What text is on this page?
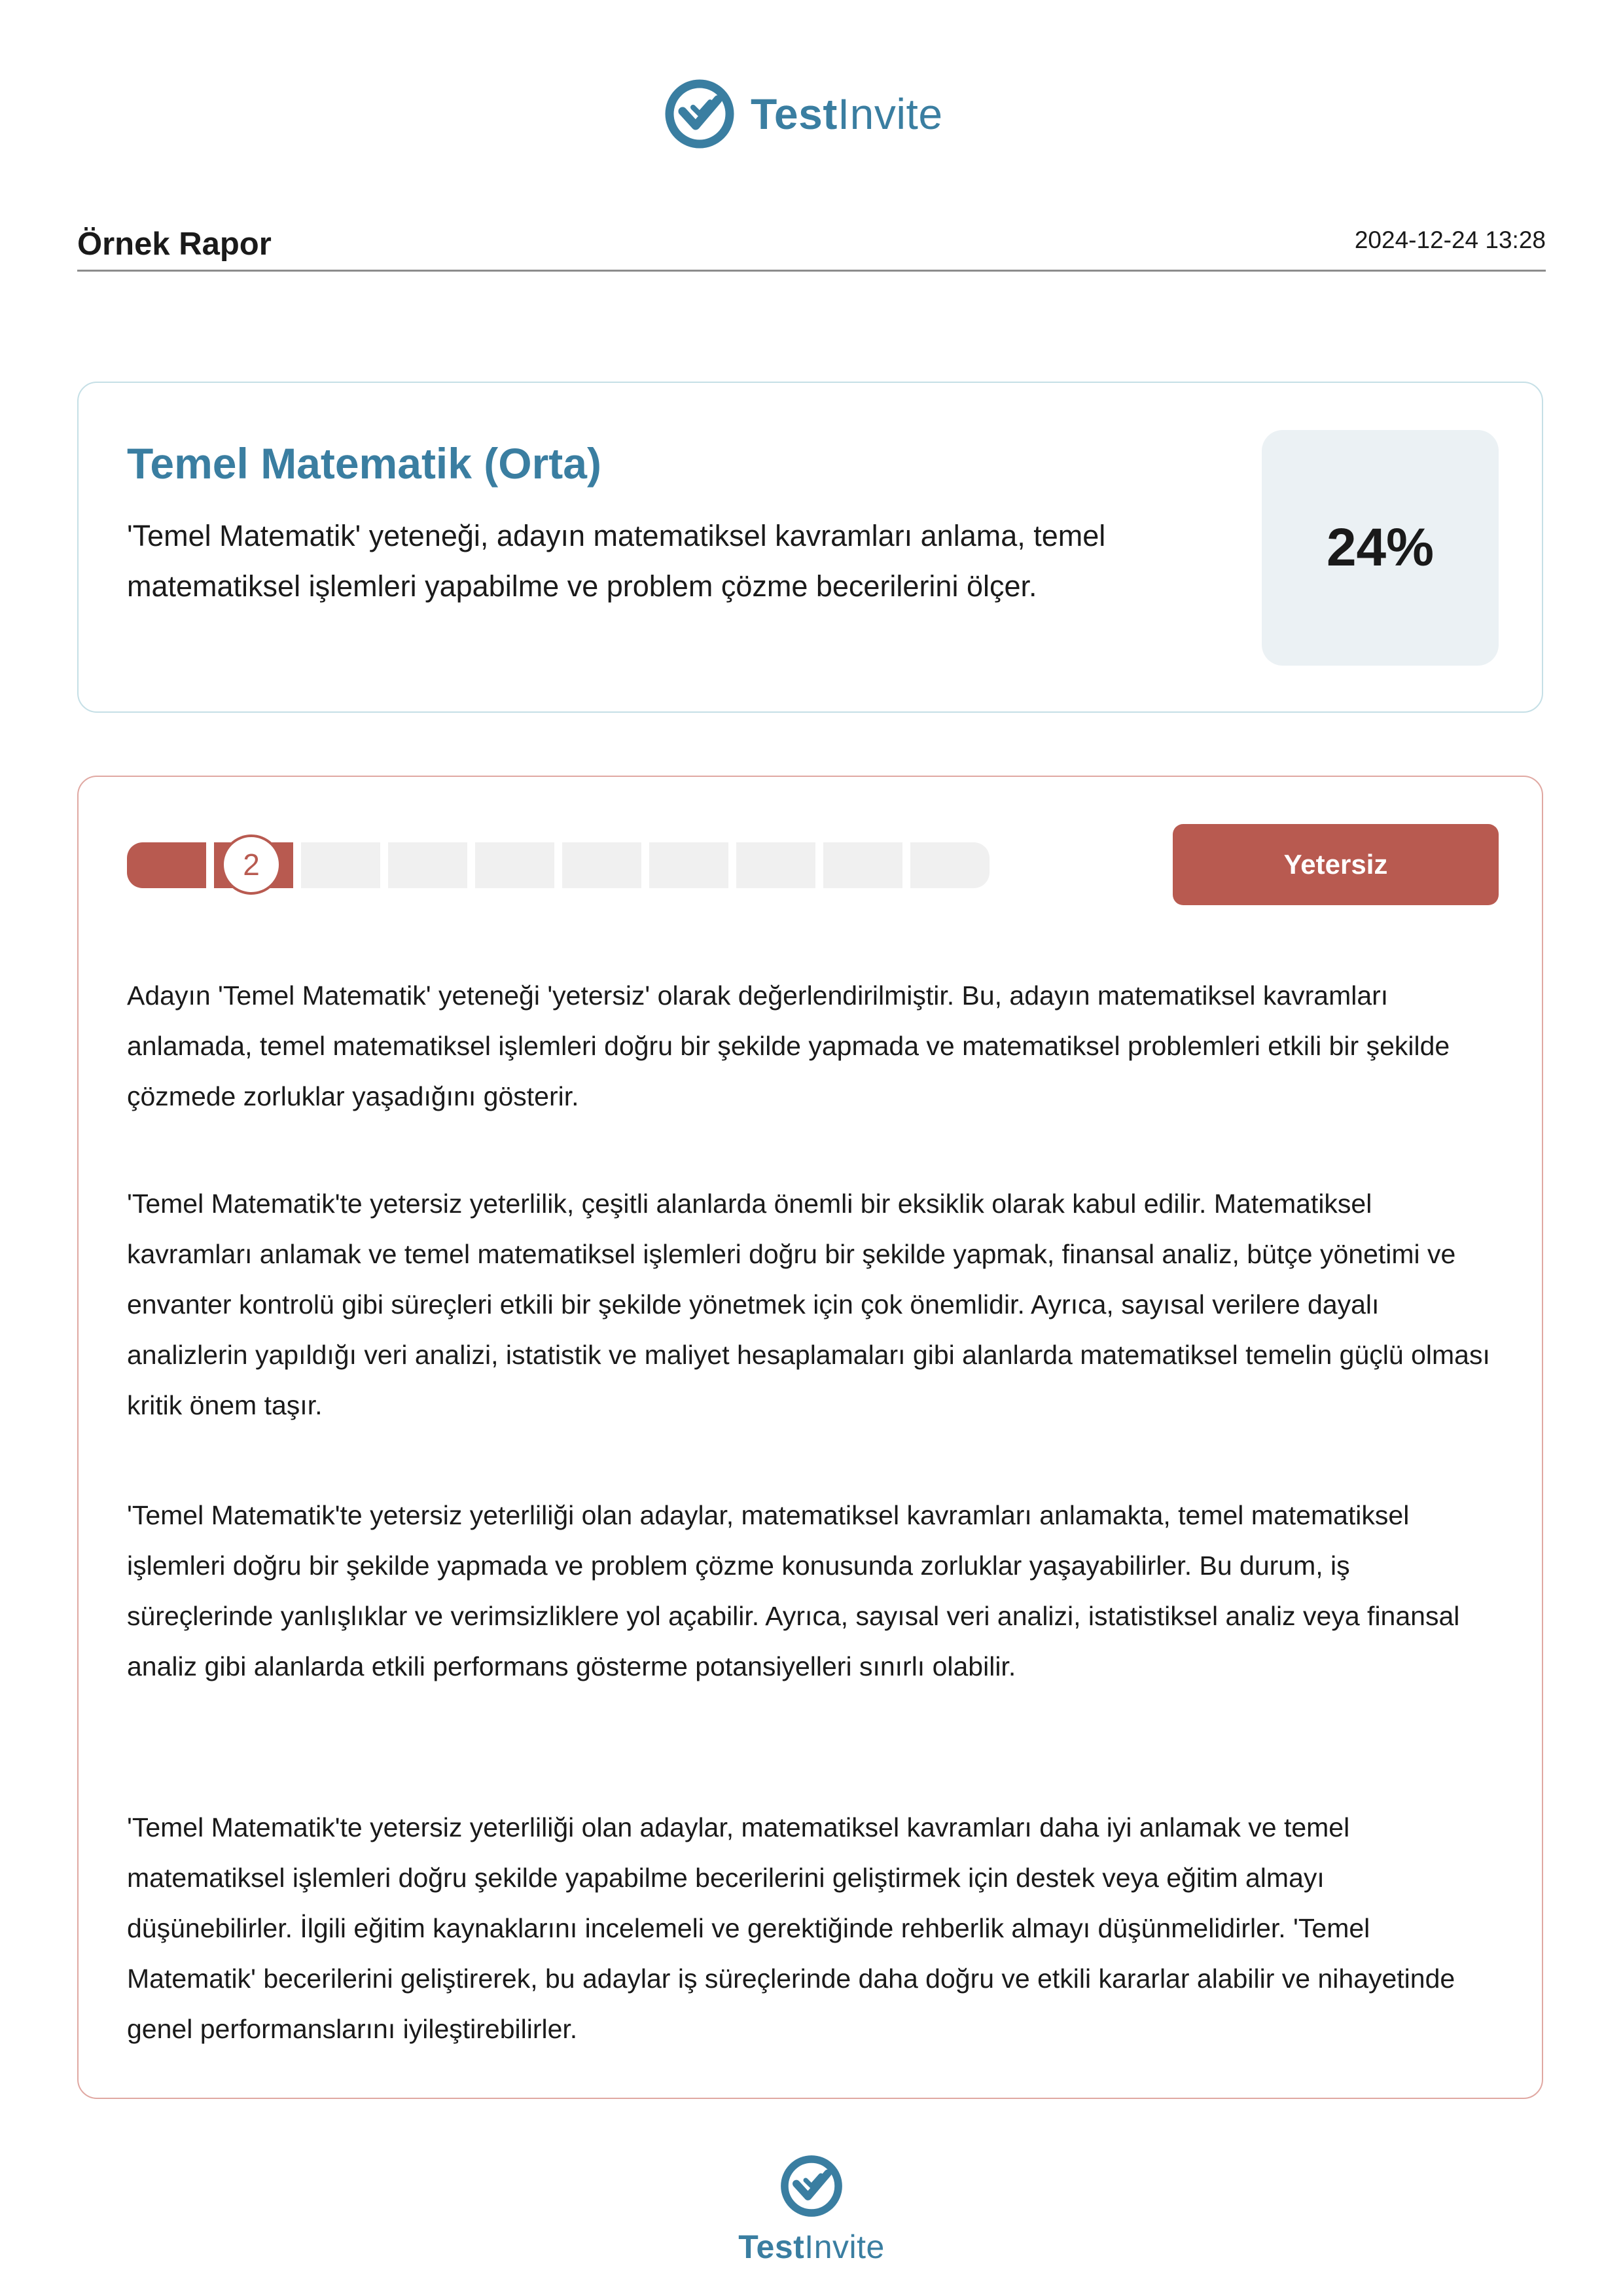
TestInvite
Örnek Rapor	2024-12-24 13:28
Temel Matematik (Orta)
'Temel Matematik' yeteneği, adayın matematiksel kavramları anlama, temel matematiksel işlemleri yapabilme ve problem çözme becerilerini ölçer.
24%
2	Yetersiz
Adayın 'Temel Matematik' yeteneği 'yetersiz' olarak değerlendirilmiştir. Bu, adayın matematiksel kavramları anlamada, temel matematiksel işlemleri doğru bir şekilde yapmada ve matematiksel problemleri etkili bir şekilde çözmede zorluklar yaşadığını gösterir.
'Temel Matematik'te yetersiz yeterlilik, çeşitli alanlarda önemli bir eksiklik olarak kabul edilir. Matematiksel kavramları anlamak ve temel matematiksel işlemleri doğru bir şekilde yapmak, finansal analiz, bütçe yönetimi ve envanter kontrolü gibi süreçleri etkili bir şekilde yönetmek için çok önemlidir. Ayrıca, sayısal verilere dayalı analizlerin yapıldığı veri analizi, istatistik ve maliyet hesaplamaları gibi alanlarda matematiksel temelin güçlü olması kritik önem taşır.
'Temel Matematik'te yetersiz yeterliliği olan adaylar, matematiksel kavramları anlamakta, temel matematiksel işlemleri doğru bir şekilde yapmada ve problem çözme konusunda zorluklar yaşayabilirler. Bu durum, iş süreçlerinde yanlışlıklar ve verimsizliklere yol açabilir. Ayrıca, sayısal veri analizi, istatistiksel analiz veya finansal analiz gibi alanlarda etkili performans gösterme potansiyelleri sınırlı olabilir.
'Temel Matematik'te yetersiz yeterliliği olan adaylar, matematiksel kavramları daha iyi anlamak ve temel matematiksel işlemleri doğru şekilde yapabilme becerilerini geliştirmek için destek veya eğitim almayı düşünebilirler. İlgili eğitim kaynaklarını incelemeli ve gerektiğinde rehberlik almayı düşünmelidirler. 'Temel Matematik' becerilerini geliştirerek, bu adaylar iş süreçlerinde daha doğru ve etkili kararlar alabilir ve nihayetinde genel performanslarını iyileştirebilirler.
TestInvite
